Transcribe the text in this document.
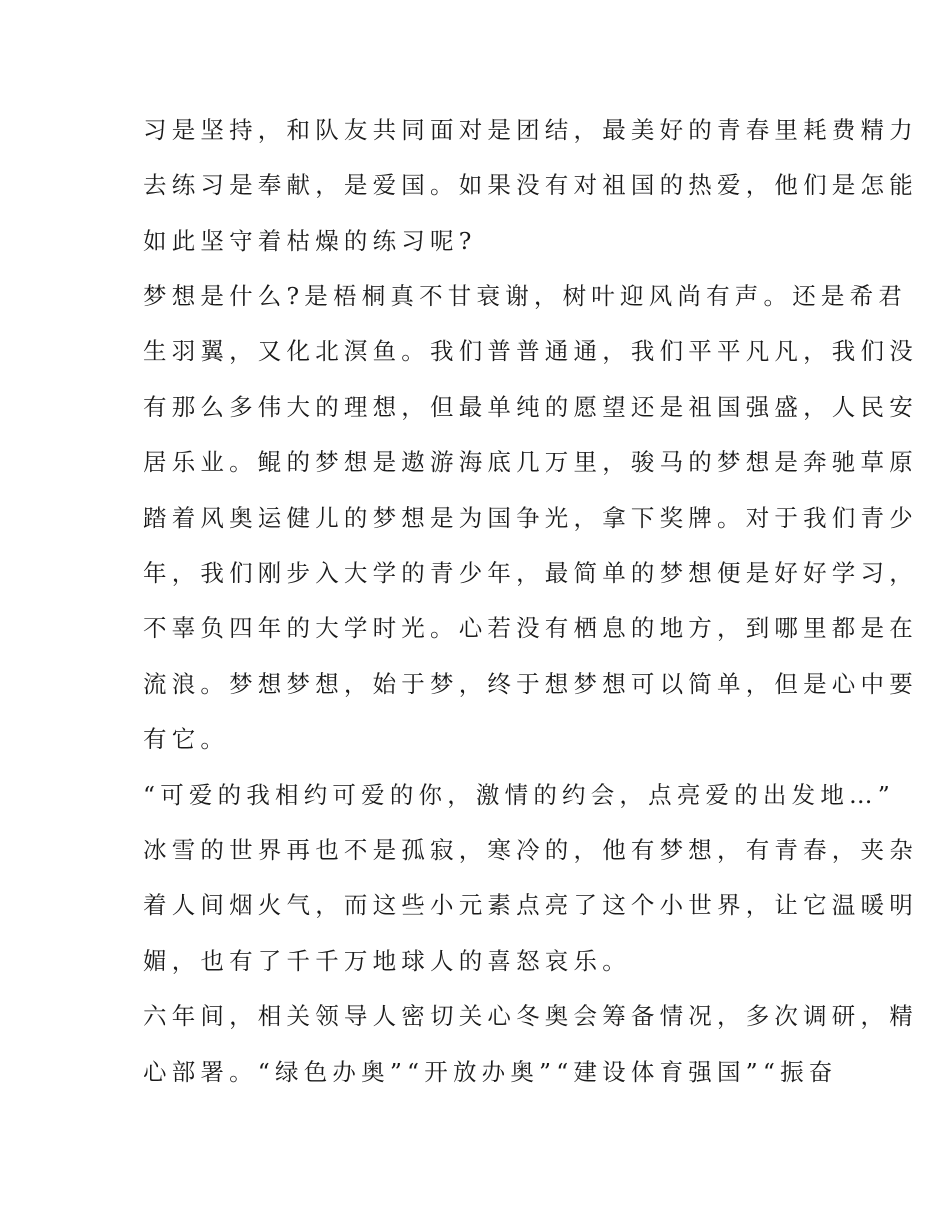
习是坚持，和队友共同面对是团结，最美好的青春里耗费精力
去练习是奉献，是爱国。如果没有对祖国的热爱，他们是怎能
如此坚守着枯燥的练习呢?
梦想是什么?是梧桐真不甘衰谢，树叶迎风尚有声。还是希君
生羽翼，又化北溟鱼。我们普普通通，我们平平凡凡，我们没
有那么多伟大的理想，但最单纯的愿望还是祖国强盛，人民安
居乐业。鲲的梦想是遨游海底几万里，骏马的梦想是奔驰草原
踏着风奥运健儿的梦想是为国争光，拿下奖牌。对于我们青少
年，我们刚步入大学的青少年，最简单的梦想便是好好学习，
不辜负四年的大学时光。心若没有栖息的地方，到哪里都是在
流浪。梦想梦想，始于梦，终于想梦想可以简单，但是心中要
有它。
“可爱的我相约可爱的你，激情的约会，点亮爱的出发地…”
冰雪的世界再也不是孤寂，寒冷的，他有梦想，有青春，夹杂
着人间烟火气，而这些小元素点亮了这个小世界，让它温暖明
媚，也有了千千万地球人的喜怒哀乐。
六年间，相关领导人密切关心冬奥会筹备情况，多次调研，精
心部署。“绿色办奥”“开放办奥”“建设体育强国”“振奋
